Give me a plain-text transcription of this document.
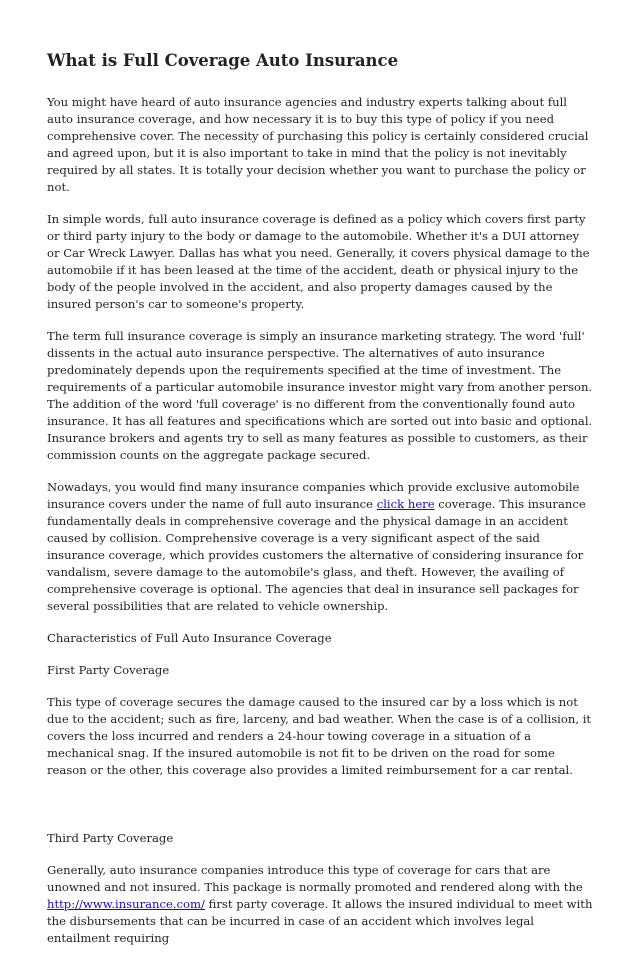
What is Full Coverage Auto Insurance

You might have heard of auto insurance agencies and industry experts talking about full auto insurance coverage, and how necessary it is to buy this type of policy if you need comprehensive cover. The necessity of purchasing this policy is certainly considered crucial and agreed upon, but it is also important to take in mind that the policy is not inevitably required by all states. It is totally your decision whether you want to purchase the policy or not.

In simple words, full auto insurance coverage is defined as a policy which covers first party or third party injury to the body or damage to the automobile. Whether it's a DUI attorney or Car Wreck Lawyer. Dallas has what you need. Generally, it covers physical damage to the automobile if it has been leased at the time of the accident, death or physical injury to the body of the people involved in the accident, and also property damages caused by the insured person's car to someone's property.

The term full insurance coverage is simply an insurance marketing strategy. The word 'full' dissents in the actual auto insurance perspective. The alternatives of auto insurance predominately depends upon the requirements specified at the time of investment. The requirements of a particular automobile insurance investor might vary from another person. The addition of the word 'full coverage' is no different from the conventionally found auto insurance. It has all features and specifications which are sorted out into basic and optional. Insurance brokers and agents try to sell as many features as possible to customers, as their commission counts on the aggregate package secured.

Nowadays, you would find many insurance companies which provide exclusive automobile insurance covers under the name of full auto insurance click here coverage. This insurance fundamentally deals in comprehensive coverage and the physical damage in an accident caused by collision. Comprehensive coverage is a very significant aspect of the said insurance coverage, which provides customers the alternative of considering insurance for vandalism, severe damage to the automobile's glass, and theft. However, the availing of comprehensive coverage is optional. The agencies that deal in insurance sell packages for several possibilities that are related to vehicle ownership.

Characteristics of Full Auto Insurance Coverage

First Party Coverage

This type of coverage secures the damage caused to the insured car by a loss which is not due to the accident; such as fire, larceny, and bad weather. When the case is of a collision, it covers the loss incurred and renders a 24-hour towing coverage in a situation of a mechanical snag. If the insured automobile is not fit to be driven on the road for some reason or the other, this coverage also provides a limited reimbursement for a car rental.

Third Party Coverage

Generally, auto insurance companies introduce this type of coverage for cars that are unowned and not insured. This package is normally promoted and rendered along with the http://www.insurance.com/ first party coverage. It allows the insured individual to meet with the disbursements that can be incurred in case of an accident which involves legal entailment requiring
